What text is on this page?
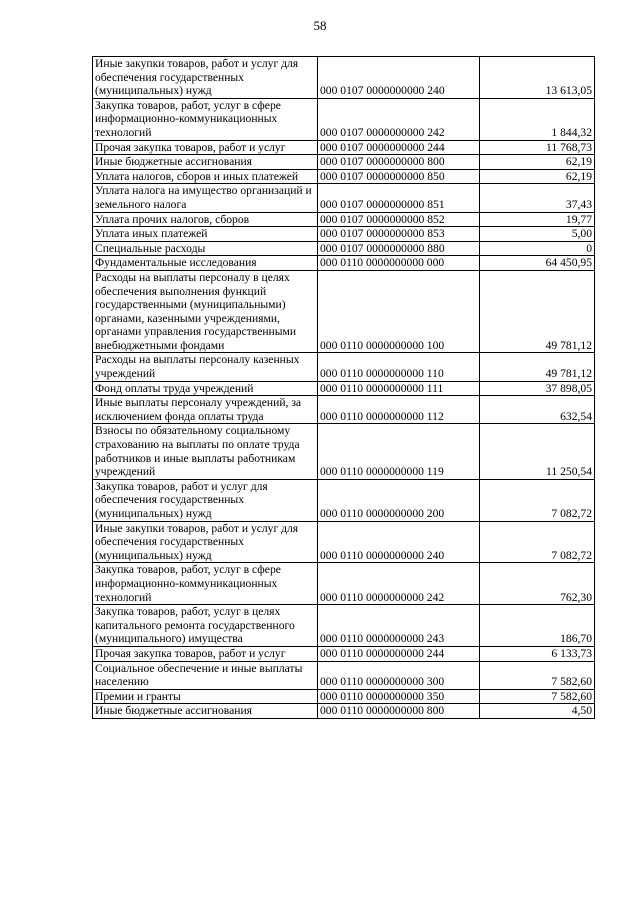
58
Иные закупки товаров, работ и услуг для обеспечения государственных (муниципальных) нужд	000 0107 0000000000 240	13 613,05
Закупка товаров, работ, услуг в сфере информационно-коммуникационных технологий	000 0107 0000000000 242	1 844,32
Прочая закупка товаров, работ и услуг	000 0107 0000000000 244	11 768,73
Иные бюджетные ассигнования	000 0107 0000000000 800	62,19
Уплата налогов, сборов и иных платежей	000 0107 0000000000 850	62,19
Уплата налога на имущество организаций и земельного налога	000 0107 0000000000 851	37,43
Уплата прочих налогов, сборов	000 0107 0000000000 852	19,77
Уплата иных платежей	000 0107 0000000000 853	5,00
Специальные расходы	000 0107 0000000000 880	0
Фундаментальные исследования	000 0110 0000000000 000	64 450,95
Расходы на выплаты персоналу в целях обеспечения выполнения функций государственными (муниципальными) органами, казенными учреждениями, органами управления государственными внебюджетными фондами	000 0110 0000000000 100	49 781,12
Расходы на выплаты персоналу казенных учреждений	000 0110 0000000000 110	49 781,12
Фонд оплаты труда учреждений	000 0110 0000000000 111	37 898,05
Иные выплаты персоналу учреждений, за исключением фонда оплаты труда	000 0110 0000000000 112	632,54
Взносы по обязательному социальному страхованию на выплаты по оплате труда работников и иные выплаты работникам учреждений	000 0110 0000000000 119	11 250,54
Закупка товаров, работ и услуг для обеспечения государственных (муниципальных) нужд	000 0110 0000000000 200	7 082,72
Иные закупки товаров, работ и услуг для обеспечения государственных (муниципальных) нужд	000 0110 0000000000 240	7 082,72
Закупка товаров, работ, услуг в сфере информационно-коммуникационных технологий	000 0110 0000000000 242	762,30
Закупка товаров, работ, услуг в целях капитального ремонта государственного (муниципального) имущества	000 0110 0000000000 243	186,70
Прочая закупка товаров, работ и услуг	000 0110 0000000000 244	6 133,73
Социальное обеспечение и иные выплаты населению	000 0110 0000000000 300	7 582,60
Премии и гранты	000 0110 0000000000 350	7 582,60
Иные бюджетные ассигнования	000 0110 0000000000 800	4,50
